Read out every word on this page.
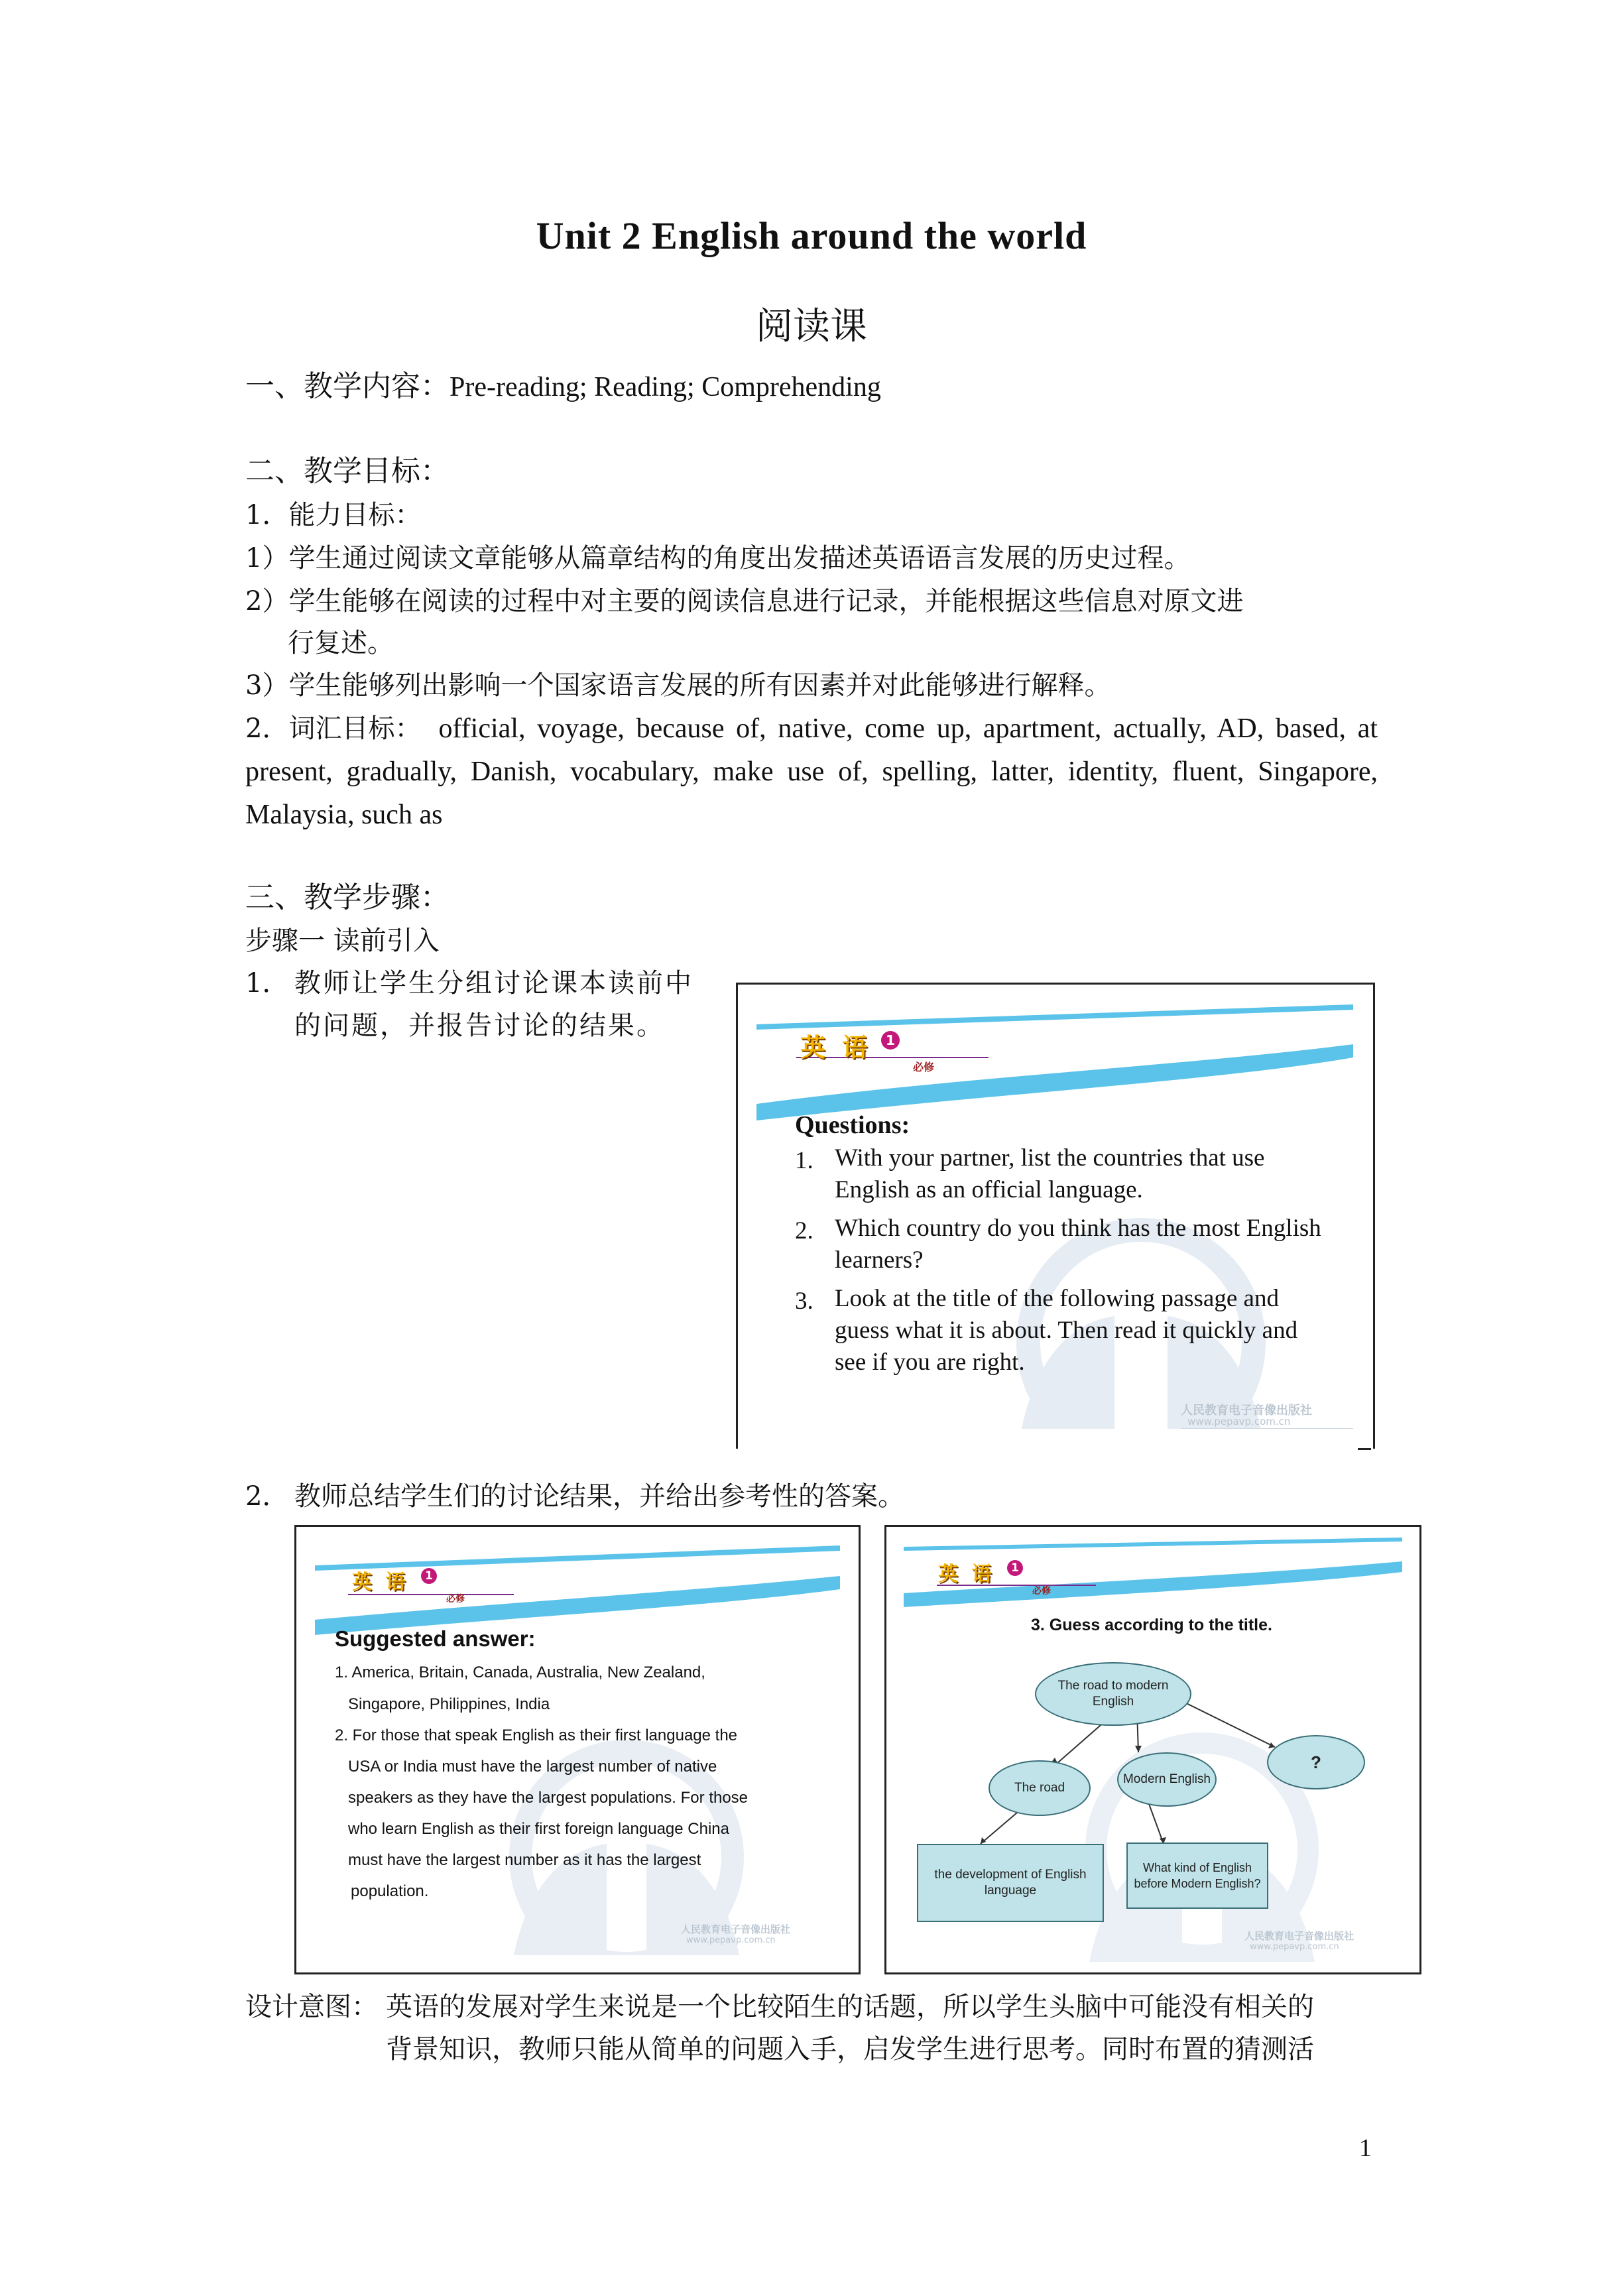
Unit 2 English around the world
阅读课
一、教学内容：Pre-reading; Reading; Comprehending
二、教学目标：
1．能力目标：
1）学生通过阅读文章能够从篇章结构的角度出发描述英语语言发展的历史过程。
2）学生能够在阅读的过程中对主要的阅读信息进行记录，并能根据这些信息对原文进
行复述。
3）学生能够列出影响一个国家语言发展的所有因素并对此能够进行解释。
2．词汇目标： official, voyage, because of, native, come up, apartment, actually, AD, based, at
present, gradually, Danish, vocabulary, make use of, spelling, latter, identity, fluent, Singapore,
Malaysia, such as
三、教学步骤：
步骤一 读前引入
1． 教师让学生分组讨论课本读前中
的问题，并报告讨论的结果。
英 语	1
必修
Questions:
1. With your partner, list the countries that use English as an official language.
2. Which country do you think has the most English learners?
3. Look at the title of the following passage and guess what it is about. Then read it quickly and see if you are right.
人民教育电子音像出版社
www.pepavp.com.cn
2． 教师总结学生们的讨论结果，并给出参考性的答案。
英 语	1
必修
Suggested answer:
1. America, Britain, Canada, Australia, New Zealand,
Singapore, Philippines, India
2. For those that speak English as their first language the
USA or India must have the largest number of native
speakers as they have the largest populations. For those
who learn English as their first foreign language China
must have the largest number as it has the largest
population.
人民教育电子音像出版社
www.pepavp.com.cn
英 语	1
必修
3. Guess according to the title.
The road to modern English
The road
Modern English
?
the development of English language
What kind of English before Modern English?
人民教育电子音像出版社
www.pepavp.com.cn
设计意图： 英语的发展对学生来说是一个比较陌生的话题，所以学生头脑中可能没有相关的
背景知识，教师只能从简单的问题入手，启发学生进行思考。同时布置的猜测活
1
